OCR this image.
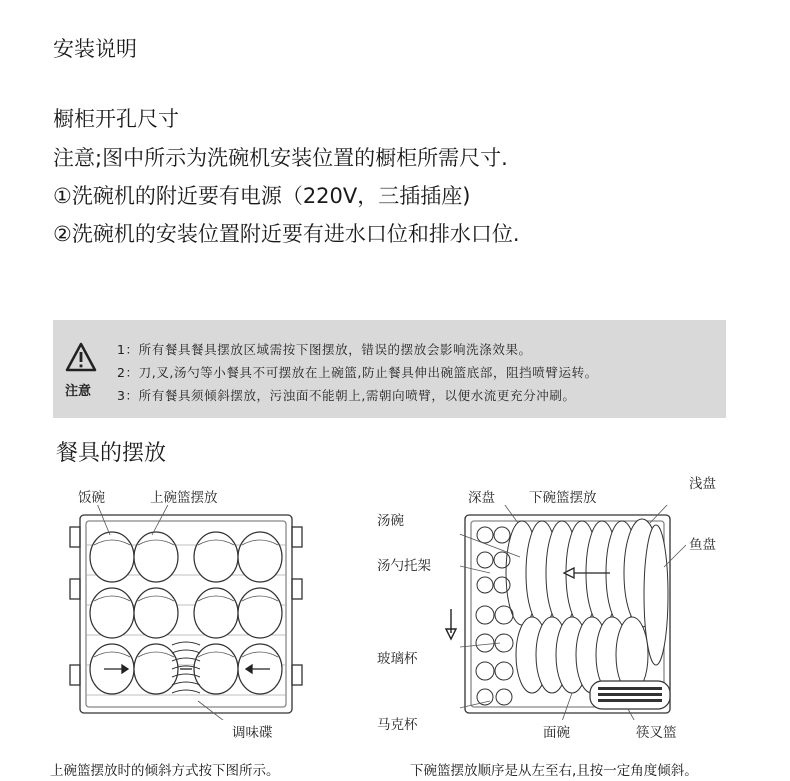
安装说明
橱柜开孔尺寸
注意;图中所示为洗碗机安装位置的橱柜所需尺寸.
①洗碗机的附近要有电源（220V，三插插座)
②洗碗机的安装位置附近要有进水口位和排水口位.
注意
1：所有餐具餐具摆放区域需按下图摆放，错误的摆放会影响洗涤效果。
2：刀,叉,汤勺等小餐具不可摆放在上碗篮,防止餐具伸出碗篮底部，阻挡喷臂运转。
3：所有餐具须倾斜摆放，污浊面不能朝上,需朝向喷臂，以便水流更充分冲刷。
餐具的摆放
饭碗	上碗篮摆放
调味碟
上碗篮摆放时的倾斜方式按下图所示。
深盘	下碗篮摆放
浅盘
汤碗
汤勺托架
鱼盘
玻璃杯
马克杯	面碗	筷叉篮
下碗篮摆放顺序是从左至右,且按一定角度倾斜。
